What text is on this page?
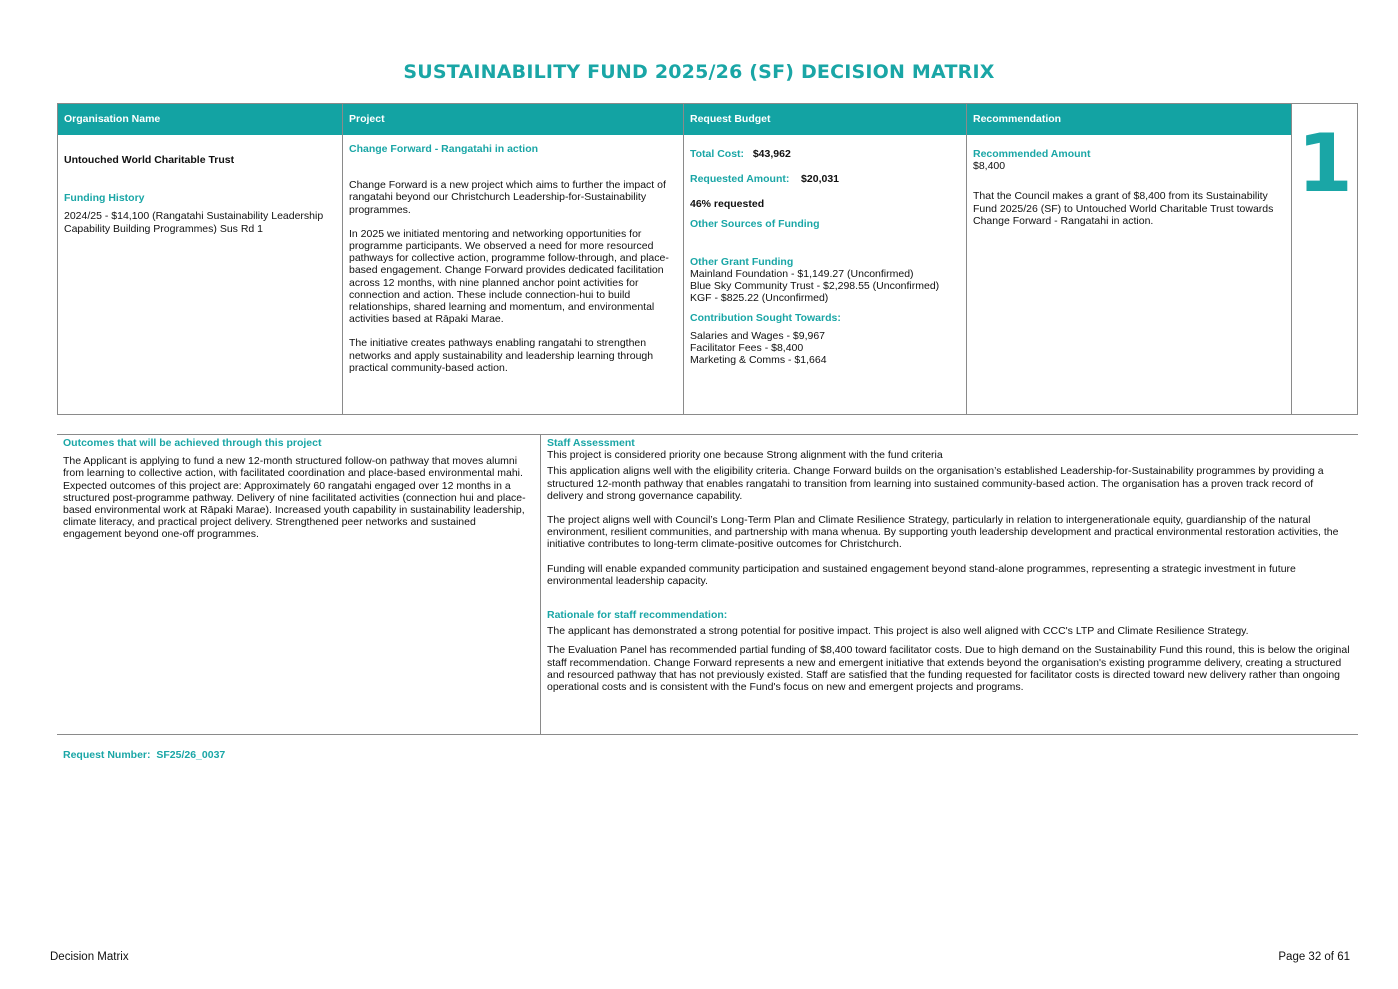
SUSTAINABILITY FUND 2025/26 (SF) DECISION MATRIX
Organisation Name

Untouched World Charitable Trust

Funding History

2024/25 - $14,100 (Rangatahi Sustainability Leadership Capability Building Programmes) Sus Rd 1

Project

Change Forward - Rangatahi in action

Change Forward is a new project which aims to further the impact of rangatahi beyond our Christchurch Leadership-for-Sustainability programmes.

In 2025 we initiated mentoring and networking opportunities for programme participants. We observed a need for more resourced pathways for collective action, programme follow-through, and place-based engagement. Change Forward provides dedicated facilitation across 12 months, with nine planned anchor point activities for connection and action. These include connection-hui to build relationships, shared learning and momentum, and environmental activities based at Rāpaki Marae.

The initiative creates pathways enabling rangatahi to strengthen networks and apply sustainability and leadership learning through practical community-based action.

Request Budget

Total Cost: $43,962

Requested Amount: $20,031

46% requested

Other Sources of Funding

Other Grant Funding

Mainland Foundation - $1,149.27 (Unconfirmed)

Blue Sky Community Trust - $2,298.55 (Unconfirmed)

KGF - $825.22 (Unconfirmed)

Contribution Sought Towards:

Salaries and Wages - $9,967

Facilitator Fees - $8,400

Marketing & Comms - $1,664

Recommendation

Recommended Amount

$8,400

That the Council makes a grant of $8,400 from its Sustainability Fund 2025/26 (SF) to Untouched World Charitable Trust towards Change Forward - Rangatahi in action.

1

Outcomes that will be achieved through this project

The Applicant is applying to fund a new 12-month structured follow-on pathway that moves alumni from learning to collective action, with facilitated coordination and place-based environmental mahi. Expected outcomes of this project are: Approximately 60 rangatahi engaged over 12 months in a structured post-programme pathway. Delivery of nine facilitated activities (connection hui and place-based environmental work at Rāpaki Marae). Increased youth capability in sustainability leadership, climate literacy, and practical project delivery. Strengthened peer networks and sustained engagement beyond one-off programmes.

Staff Assessment

This project is considered priority one because Strong alignment with the fund criteria

This application aligns well with the eligibility criteria. Change Forward builds on the organisation’s established Leadership-for-Sustainability programmes by providing a structured 12-month pathway that enables rangatahi to transition from learning into sustained community-based action. The organisation has a proven track record of delivery and strong governance capability.

The project aligns well with Council’s Long-Term Plan and Climate Resilience Strategy, particularly in relation to intergenerationale equity, guardianship of the natural environment, resilient communities, and partnership with mana whenua. By supporting youth leadership development and practical environmental restoration activities, the initiative contributes to long-term climate-positive outcomes for Christchurch.

Funding will enable expanded community participation and sustained engagement beyond stand-alone programmes, representing a strategic investment in future environmental leadership capacity.

Rationale for staff recommendation:

The applicant has demonstrated a strong potential for positive impact. This project is also well aligned with CCC's LTP and Climate Resilience Strategy.

The Evaluation Panel has recommended partial funding of $8,400 toward facilitator costs. Due to high demand on the Sustainability Fund this round, this is below the original staff recommendation. Change Forward represents a new and emergent initiative that extends beyond the organisation's existing programme delivery, creating a structured and resourced pathway that has not previously existed. Staff are satisfied that the funding requested for facilitator costs is directed toward new delivery rather than ongoing operational costs and is consistent with the Fund's focus on new and emergent projects and programs.

Request Number: SF25/26_0037
Decision Matrix	Page 32 of 61
